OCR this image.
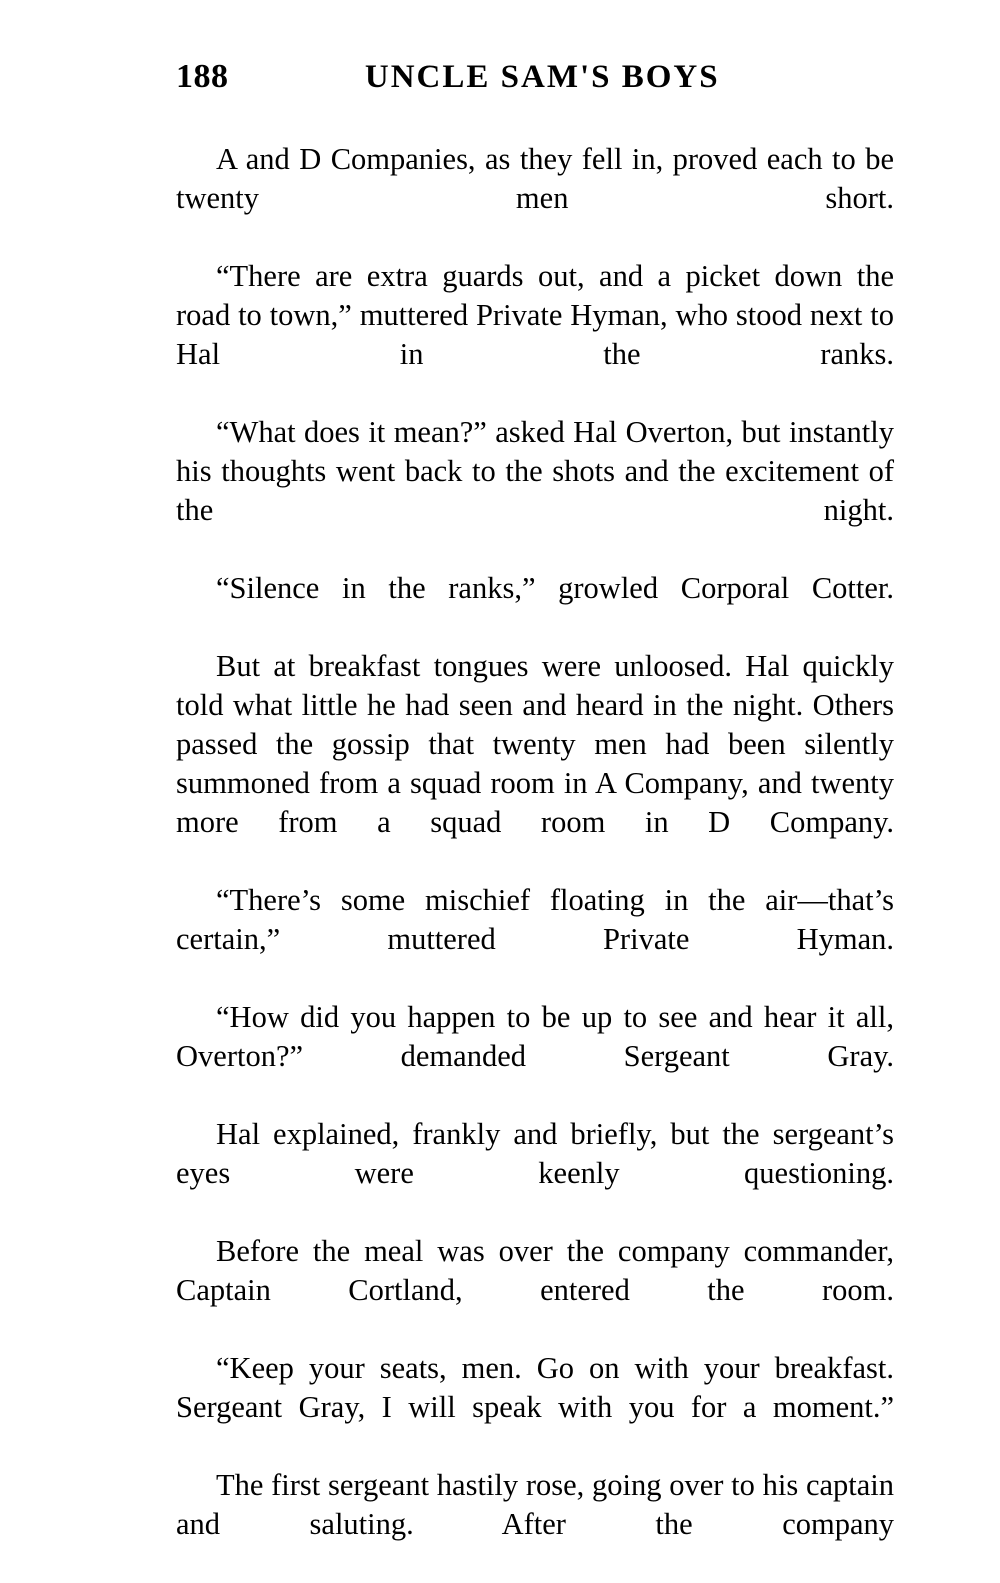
188	UNCLE SAM'S BOYS

A and D Companies, as they fell in, proved each to be twenty men short.

“There are extra guards out, and a picket down the road to town,” muttered Private Hyman, who stood next to Hal in the ranks.

“What does it mean?” asked Hal Overton, but instantly his thoughts went back to the shots and the excitement of the night.

“Silence in the ranks,” growled Corporal Cotter.

But at breakfast tongues were unloosed. Hal quickly told what little he had seen and heard in the night. Others passed the gossip that twenty men had been silently summoned from a squad room in A Company, and twenty more from a squad room in D Company.

“There’s some mischief floating in the air—that’s certain,” muttered Private Hyman.

“How did you happen to be up to see and hear it all, Overton?” demanded Sergeant Gray.

Hal explained, frankly and briefly, but the sergeant’s eyes were keenly questioning.

Before the meal was over the company commander, Captain Cortland, entered the room.

“Keep your seats, men. Go on with your breakfast. Sergeant Gray, I will speak with you for a moment.”

The first sergeant hastily rose, going over to his captain and saluting. After the company
